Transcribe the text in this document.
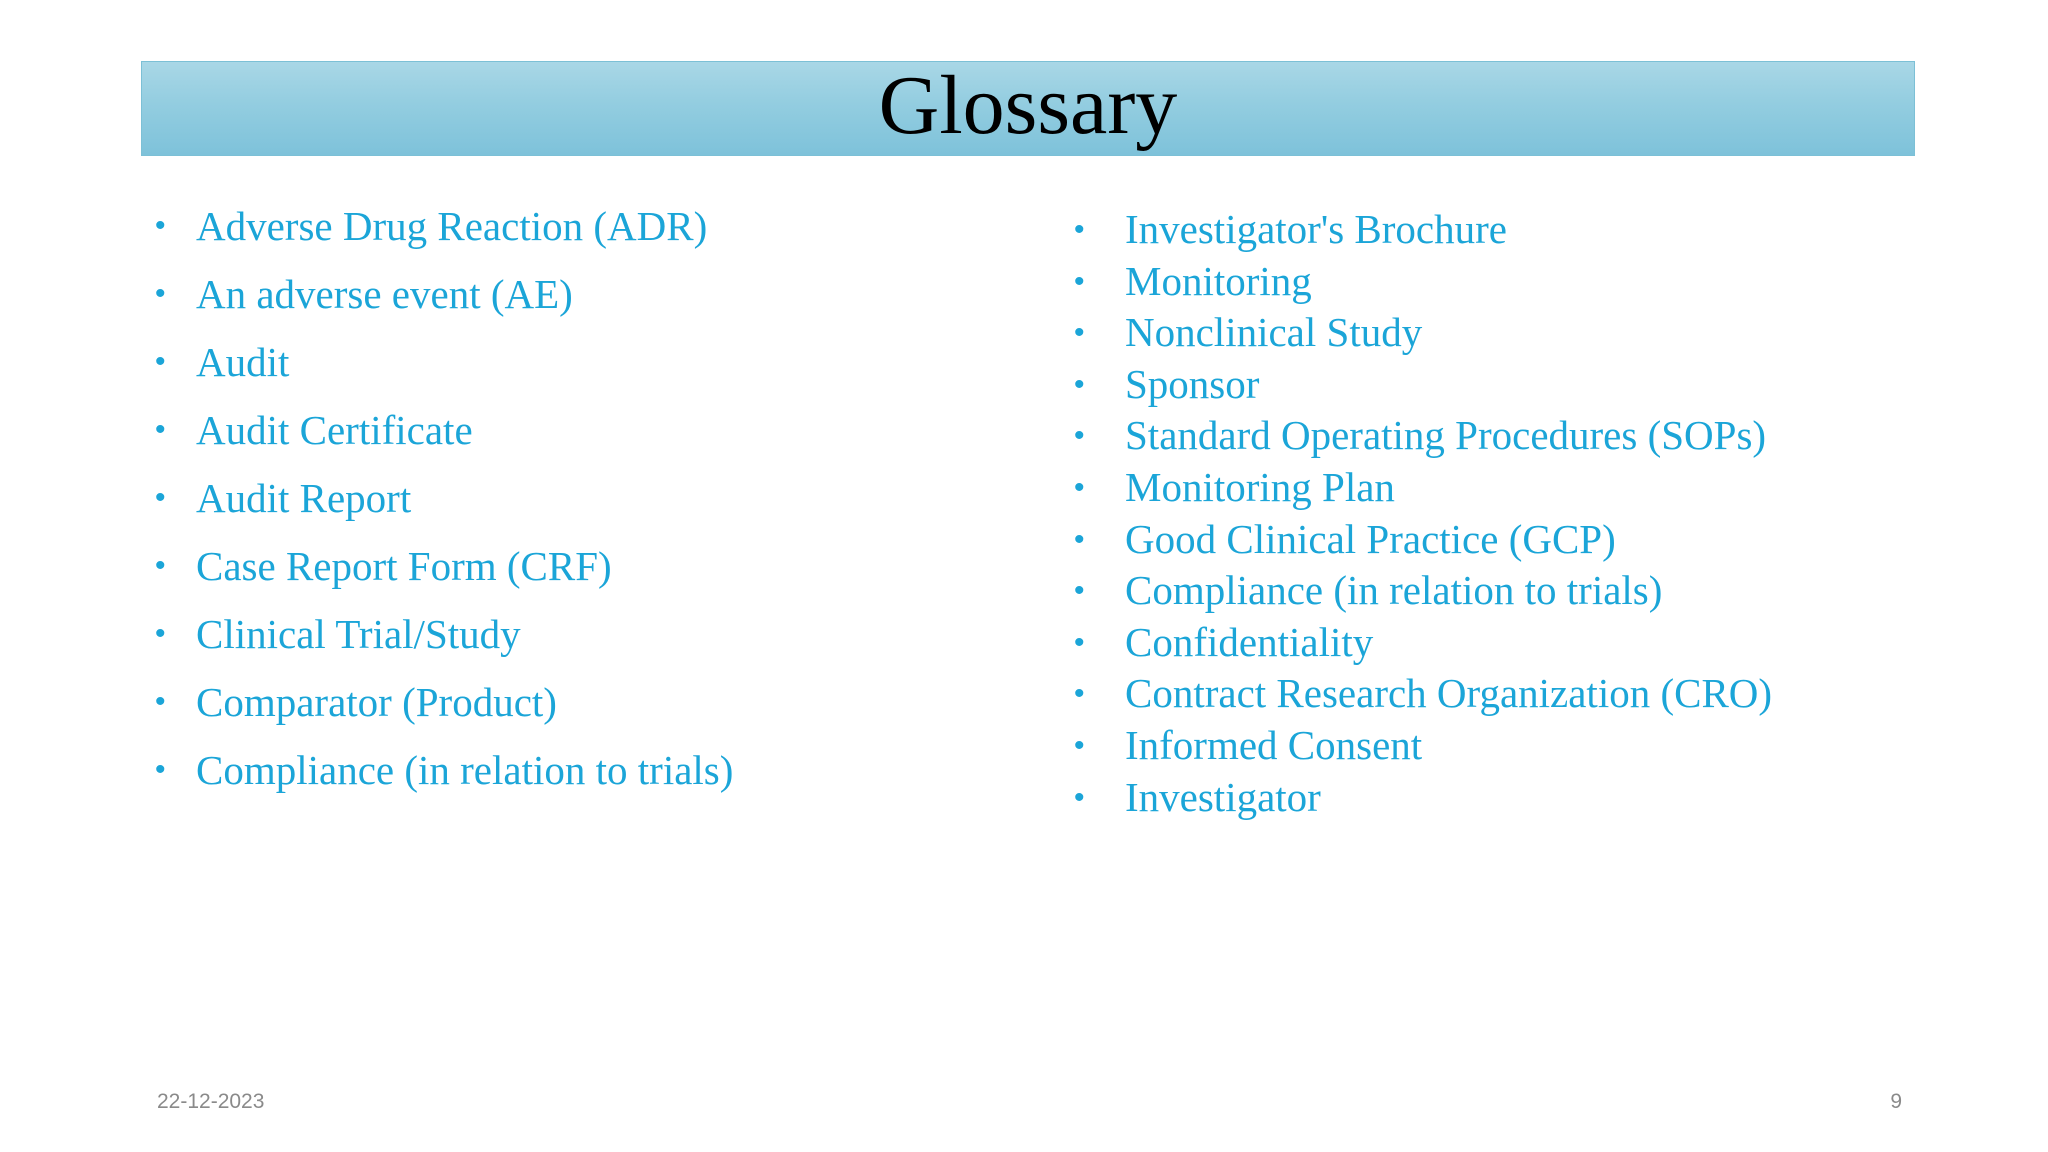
Glossary
• Adverse Drug Reaction (ADR)
• An adverse event (AE)
• Audit
• Audit Certificate
• Audit Report
• Case Report Form (CRF)
• Clinical Trial/Study
• Comparator (Product)
• Compliance (in relation to trials)
• Investigator's Brochure
• Monitoring
• Nonclinical Study
• Sponsor
• Standard Operating Procedures (SOPs)
• Monitoring Plan
• Good Clinical Practice (GCP)
• Compliance (in relation to trials)
• Confidentiality
• Contract Research Organization (CRO)
• Informed Consent
• Investigator
22-12-2023	9
